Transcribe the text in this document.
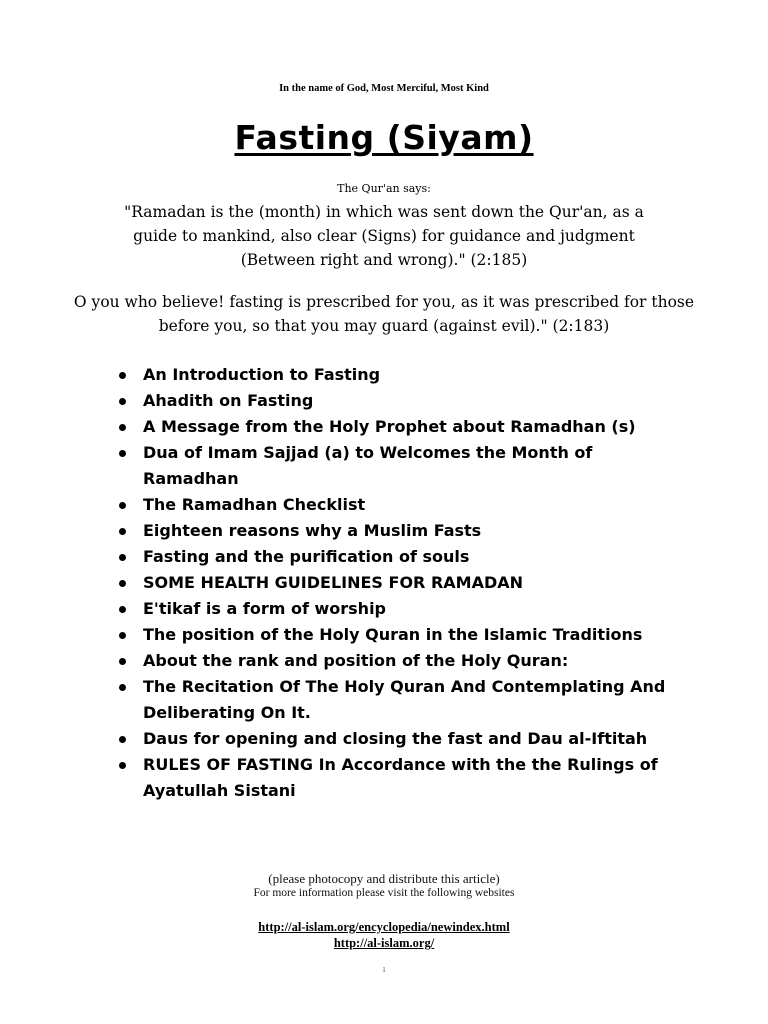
In the name of God, Most Merciful, Most Kind
Fasting (Siyam)
The Qur'an says:
"Ramadan is the (month) in which was sent down the Qur'an, as a guide to mankind, also clear (Signs) for guidance and judgment (Between right and wrong)." (2:185)
O you who believe! fasting is prescribed for you, as it was prescribed for those before you, so that you may guard (against evil)." (2:183)
An Introduction to Fasting
Ahadith on Fasting
A Message from the Holy Prophet about Ramadhan (s)
Dua of Imam Sajjad (a) to Welcomes the Month of Ramadhan
The Ramadhan Checklist
Eighteen reasons why a Muslim Fasts
Fasting and the purification of souls
SOME HEALTH GUIDELINES FOR RAMADAN
E'tikaf is a form of worship
The position of the Holy Quran in the Islamic Traditions
About the rank and position of the Holy Quran:
The Recitation Of The Holy Quran And Contemplating And Deliberating On It.
Daus for opening and closing the fast and Dau al-Iftitah
RULES OF FASTING In Accordance with the the Rulings of Ayatullah Sistani
(please photocopy and distribute this article)
For more information please visit the following websites
http://al-islam.org/encyclopedia/newindex.html
http://al-islam.org/
1
